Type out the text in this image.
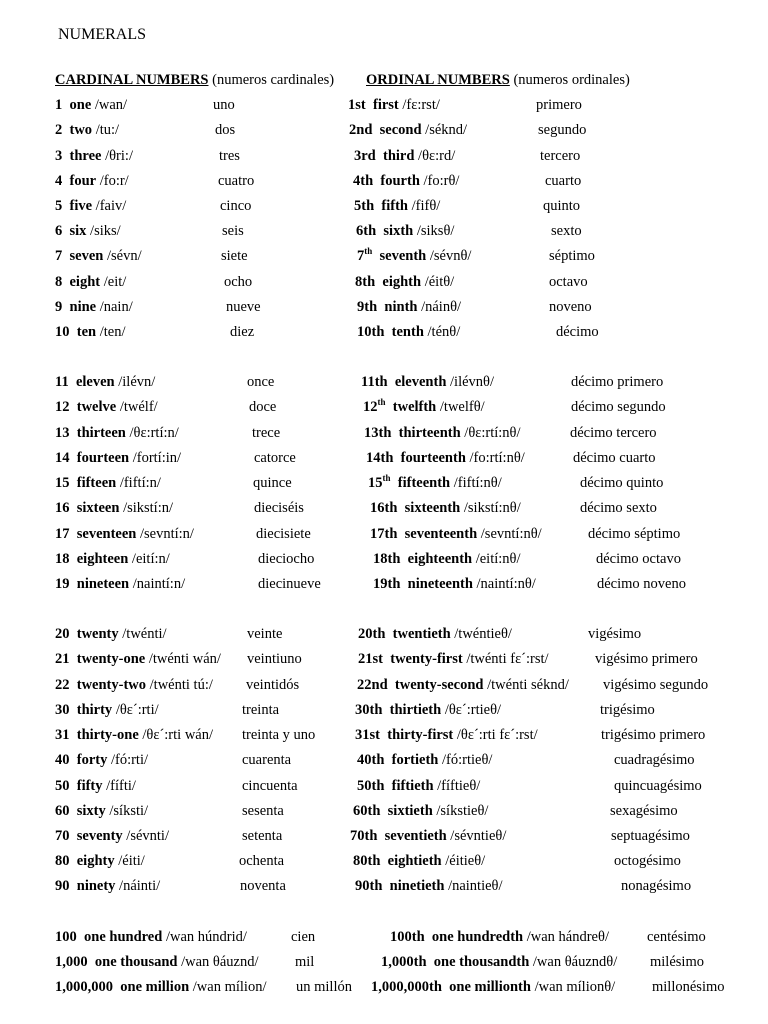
NUMERALS
CARDINAL NUMBERS (numeros cardinales) ORDINAL NUMBERS (numeros ordinales)
1 one /wan/	uno	1st first /fɛ:rst/	primero
2 two /tu:/	dos	2nd second /séknd/	segundo
3 three /θri:/	tres	3rd third /θɛ:rd/	tercero
4 four /fo:r/	cuatro	4th fourth /fo:rθ/	cuarto
5 five /faiv/	cinco	5th fifth /fifθ/	quinto
6 six /siks/	seis	6th sixth /siksθ/	sexto
7 seven /sévn/	siete	7th seventh /sévnθ/	séptimo
8 eight /eit/	ocho	8th eighth /éitθ/	octavo
9 nine /nain/	nueve	9th ninth /náinθ/	noveno
10 ten /ten/	diez	10th tenth /ténθ/	décimo
11 eleven /ilévn/	once	11th eleventh /ilévnθ/	décimo primero
12 twelve /twélf/	doce	12th twelfth /twelfθ/	décimo segundo
13 thirteen /θɛ:rtí:n/	trece	13th thirteenth /θɛ:rtí:nθ/	décimo tercero
14 fourteen /fortí:in/	catorce	14th fourteenth /fo:rtí:nθ/	décimo cuarto
15 fifteen /fiftí:n/	quince	15th fifteenth /fiftí:nθ/	décimo quinto
16 sixteen /sikstí:n/	dieciséis	16th sixteenth /sikstí:nθ/	décimo sexto
17 seventeen /sevntí:n/	diecisiete	17th seventeenth /sevntí:nθ/	décimo séptimo
18 eighteen /eití:n/	dieciocho	18th eighteenth /eití:nθ/	décimo octavo
19 nineteen /naintí:n/	diecinueve	19th nineteenth /naintí:nθ/	décimo noveno
20 twenty /twénti/	veinte	20th twentieth /twéntieθ/	vigésimo
21 twenty-one /twénti wán/ veintiuno	21st twenty-first /twénti fɛ´:rst/	vigésimo primero
22 twenty-two /twénti tú:/ veintidós	22nd twenty-second /twénti séknd/ vigésimo segundo
30 thirty /θɛ´:rti/	treinta	30th thirtieth /θɛ´:rtieθ/	trigésimo
31 thirty-one /θɛ´:rti wán/ treinta y uno	31st thirty-first /θɛ´:rti fɛ´:rst/	trigésimo primero
40 forty /fó:rti/	cuarenta	40th fortieth /fó:rtieθ/	cuadragésimo
50 fifty /fífti/	cincuenta	50th fiftieth /fíftieθ/	quincuagésimo
60 sixty /síksti/	sesenta	60th sixtieth /síkstieθ/	sexagésimo
70 seventy /sévnti/	setenta	70th seventieth /sévntieθ/	septuagésimo
80 eighty /éiti/	ochenta	80th eightieth /éitieθ/	octogésimo
90 ninety /náinti/	noventa	90th ninetieth /naintieθ/	nonagésimo
100 one hundred /wan húndrid/	cien	100th one hundredth /wan hándreθ/	centésimo
1,000 one thousand /wan θáuznd/	mil	1,000th one thousandth /wan θáuzndθ/ milésimo
1,000,000 one million /wan mílion/ un millón 1,000,000th one millionth /wan mílionθ/	millonésimo
